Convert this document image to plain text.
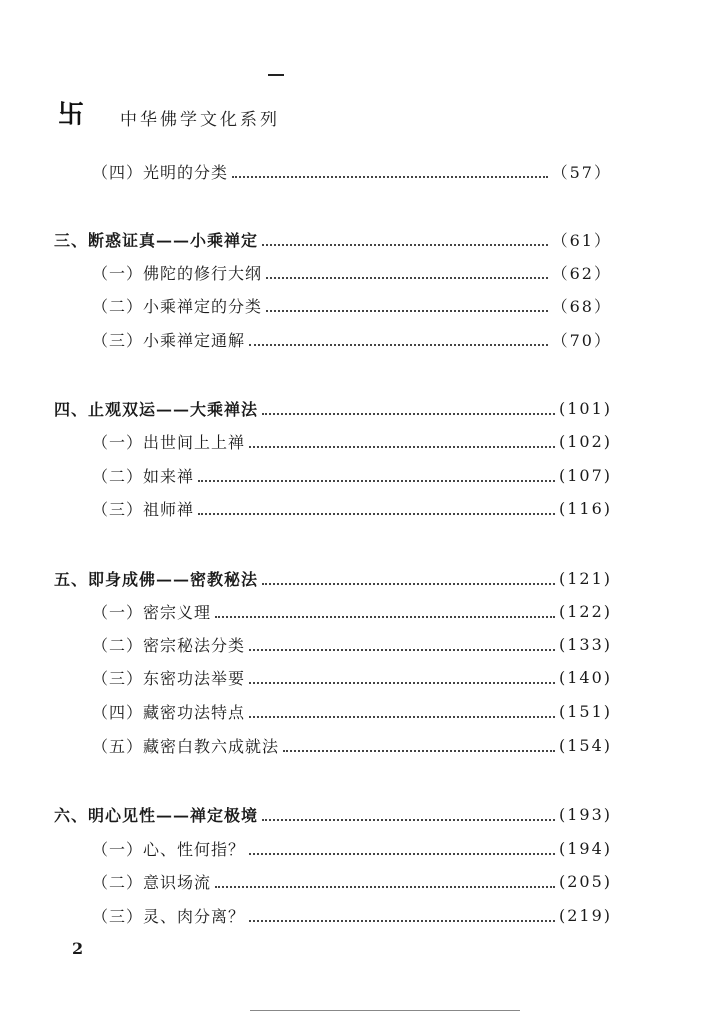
卐 中华佛学文化系列
（四）光明的分类	（57）
三、断惑证真——小乘禅定	（61）
（一）佛陀的修行大纲	（62）
（二）小乘禅定的分类	（68）
（三）小乘禅定通解	（70）
四、止观双运——大乘禅法	(101)
（一）出世间上上禅	(102)
（二）如来禅	(107)
（三）祖师禅	(116)
五、即身成佛——密教秘法	(121)
（一）密宗义理	(122)
（二）密宗秘法分类	(133)
（三）东密功法举要	(140)
（四）藏密功法特点	(151)
（五）藏密白教六成就法	(154)
六、明心见性——禅定极境	(193)
（一）心、性何指？	(194)
（二）意识场流	(205)
（三）灵、肉分离？	(219)
2
